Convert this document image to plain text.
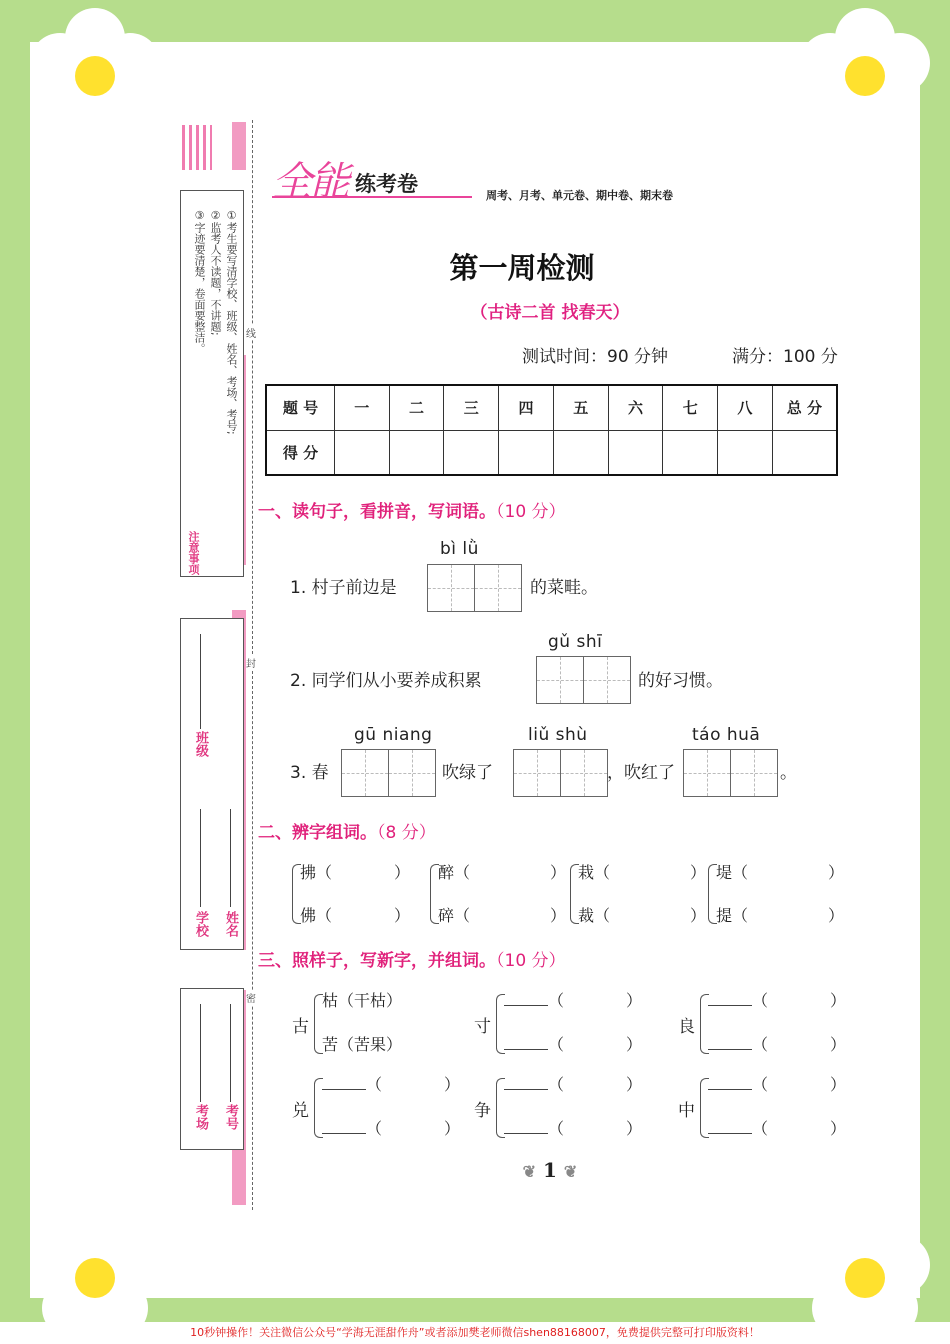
①考生要写清学校、班级、姓名、考场、考号;
②监考人不读题，不讲题;
③字迹要清楚，卷面要整洁。
注意事项
班级
学校 姓名
考场 考号
线
封
密
全能 练考卷	周考、月考、单元卷、期中卷、期末卷
第一周检测
（古诗二首 找春天）
测试时间：90 分钟	满分：100 分
题 号	一	二	三	四	五	六	七	八	总 分
得 分									
一、读句子，看拼音，写词语。（10 分）
bì lǜ
1. 村子前边是	的菜畦。
gǔ shī
2. 同学们从小要养成积累	的好习惯。
gū niang	liǔ shù	táo huā
3. 春	吹绿了	，吹红了	。
二、辨字组词。（8 分）
拂（	）
佛（	）
醉（	）
碎（	）
栽（	）
裁（	）
堤（	）
提（	）
三、照样子，写新字，并组词。（10 分）
古
枯（干枯）
苦（苦果）
寸
（	）
（	）
良
（	）
（	）
兑
（	）
（	）
争
（	）
（	）
中
（	）
（	）
❦ 1 ❦
10秒钟操作！关注微信公众号“学海无涯甜作舟”或者添加樊老师微信shen88168007，免费提供完整可打印版资料！
